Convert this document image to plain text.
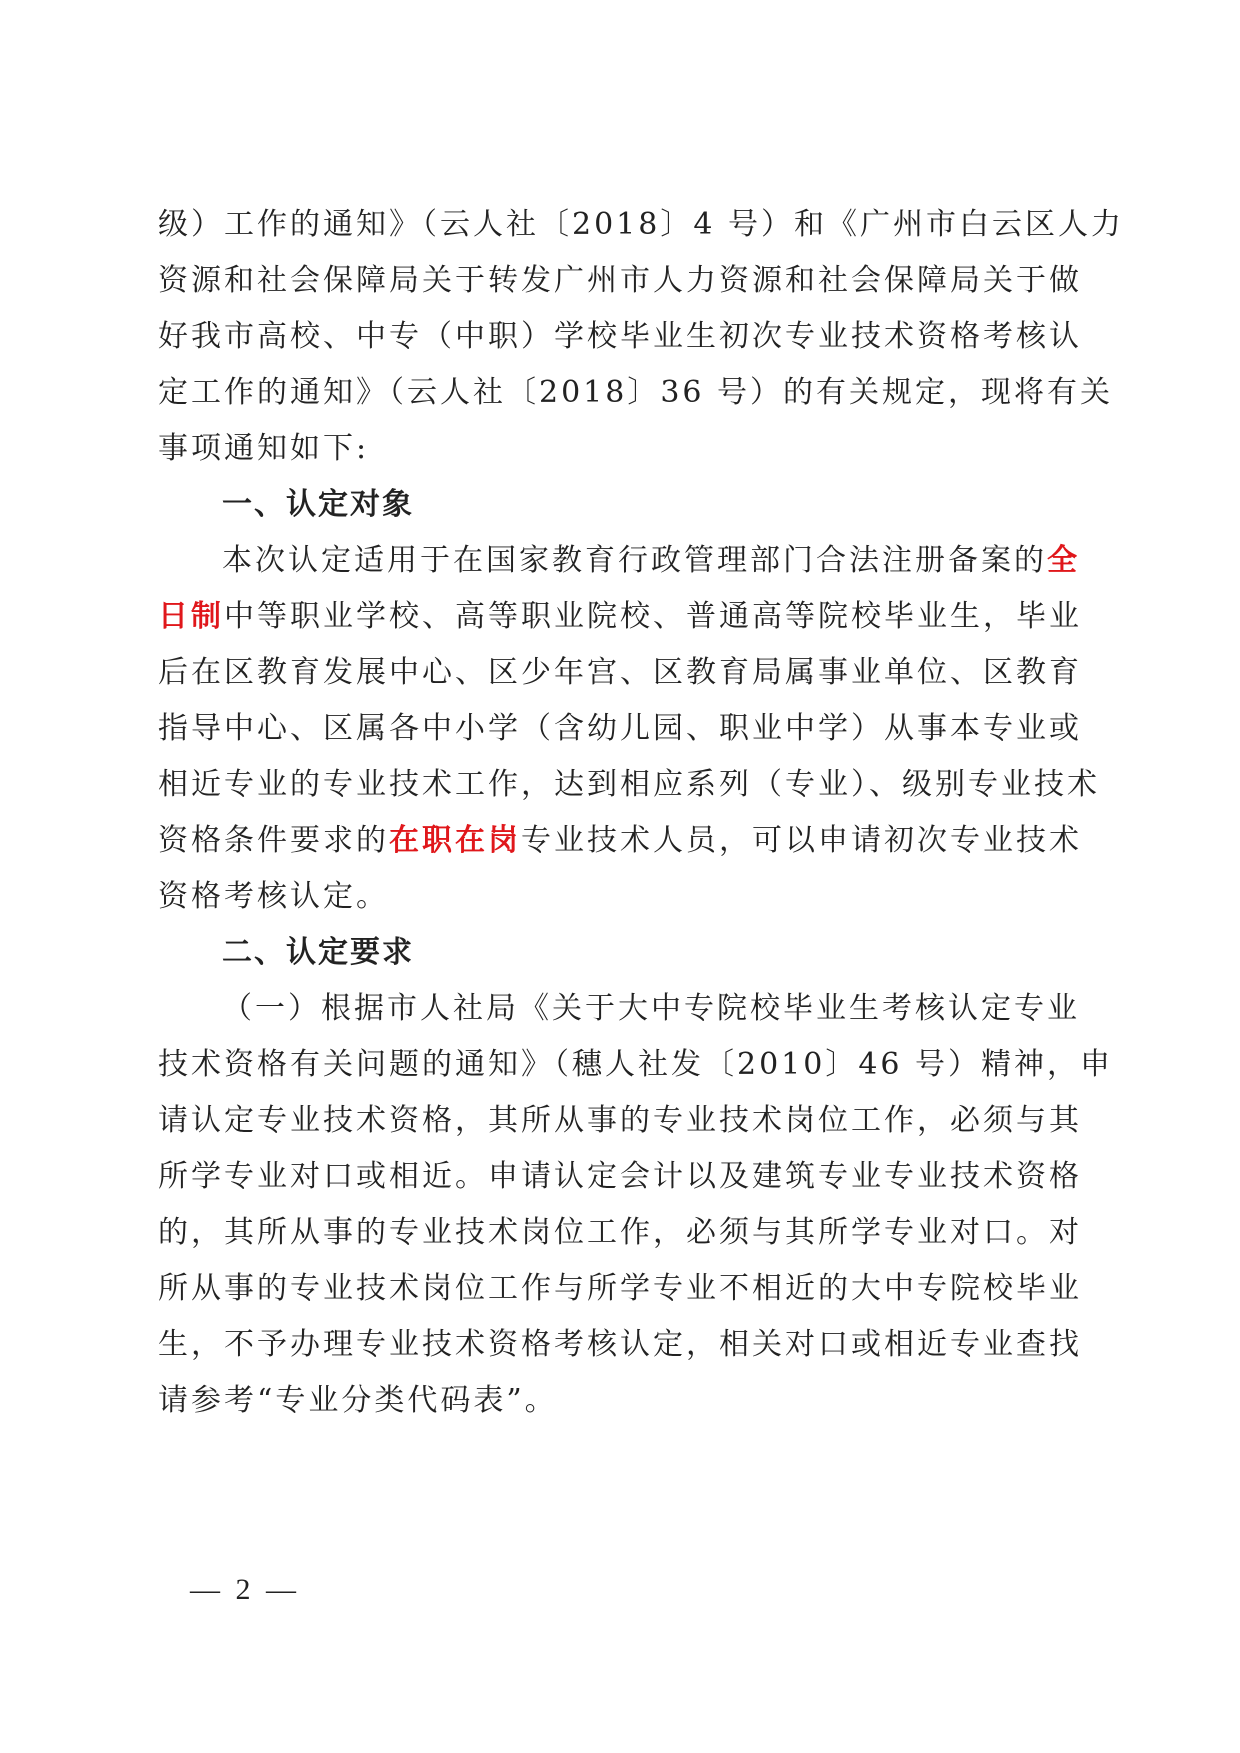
级）工作的通知》（云人社〔2018〕4 号）和《广州市白云区人力
资源和社会保障局关于转发广州市人力资源和社会保障局关于做
好我市高校、中专（中职）学校毕业生初次专业技术资格考核认
定工作的通知》（云人社〔2018〕36 号）的有关规定，现将有关
事项通知如下:
一、认定对象
本次认定适用于在国家教育行政管理部门合法注册备案的全
日制中等职业学校、高等职业院校、普通高等院校毕业生，毕业
后在区教育发展中心、区少年宫、区教育局属事业单位、区教育
指导中心、区属各中小学（含幼儿园、职业中学）从事本专业或
相近专业的专业技术工作，达到相应系列（专业）、级别专业技术
资格条件要求的在职在岗专业技术人员，可以申请初次专业技术
资格考核认定。
二、认定要求
（一）根据市人社局《关于大中专院校毕业生考核认定专业
技术资格有关问题的通知》（穗人社发〔2010〕46 号）精神，申
请认定专业技术资格，其所从事的专业技术岗位工作，必须与其
所学专业对口或相近。申请认定会计以及建筑专业专业技术资格
的，其所从事的专业技术岗位工作，必须与其所学专业对口。对
所从事的专业技术岗位工作与所学专业不相近的大中专院校毕业
生，不予办理专业技术资格考核认定，相关对口或相近专业查找
请参考“专业分类代码表”。
— 2 —
